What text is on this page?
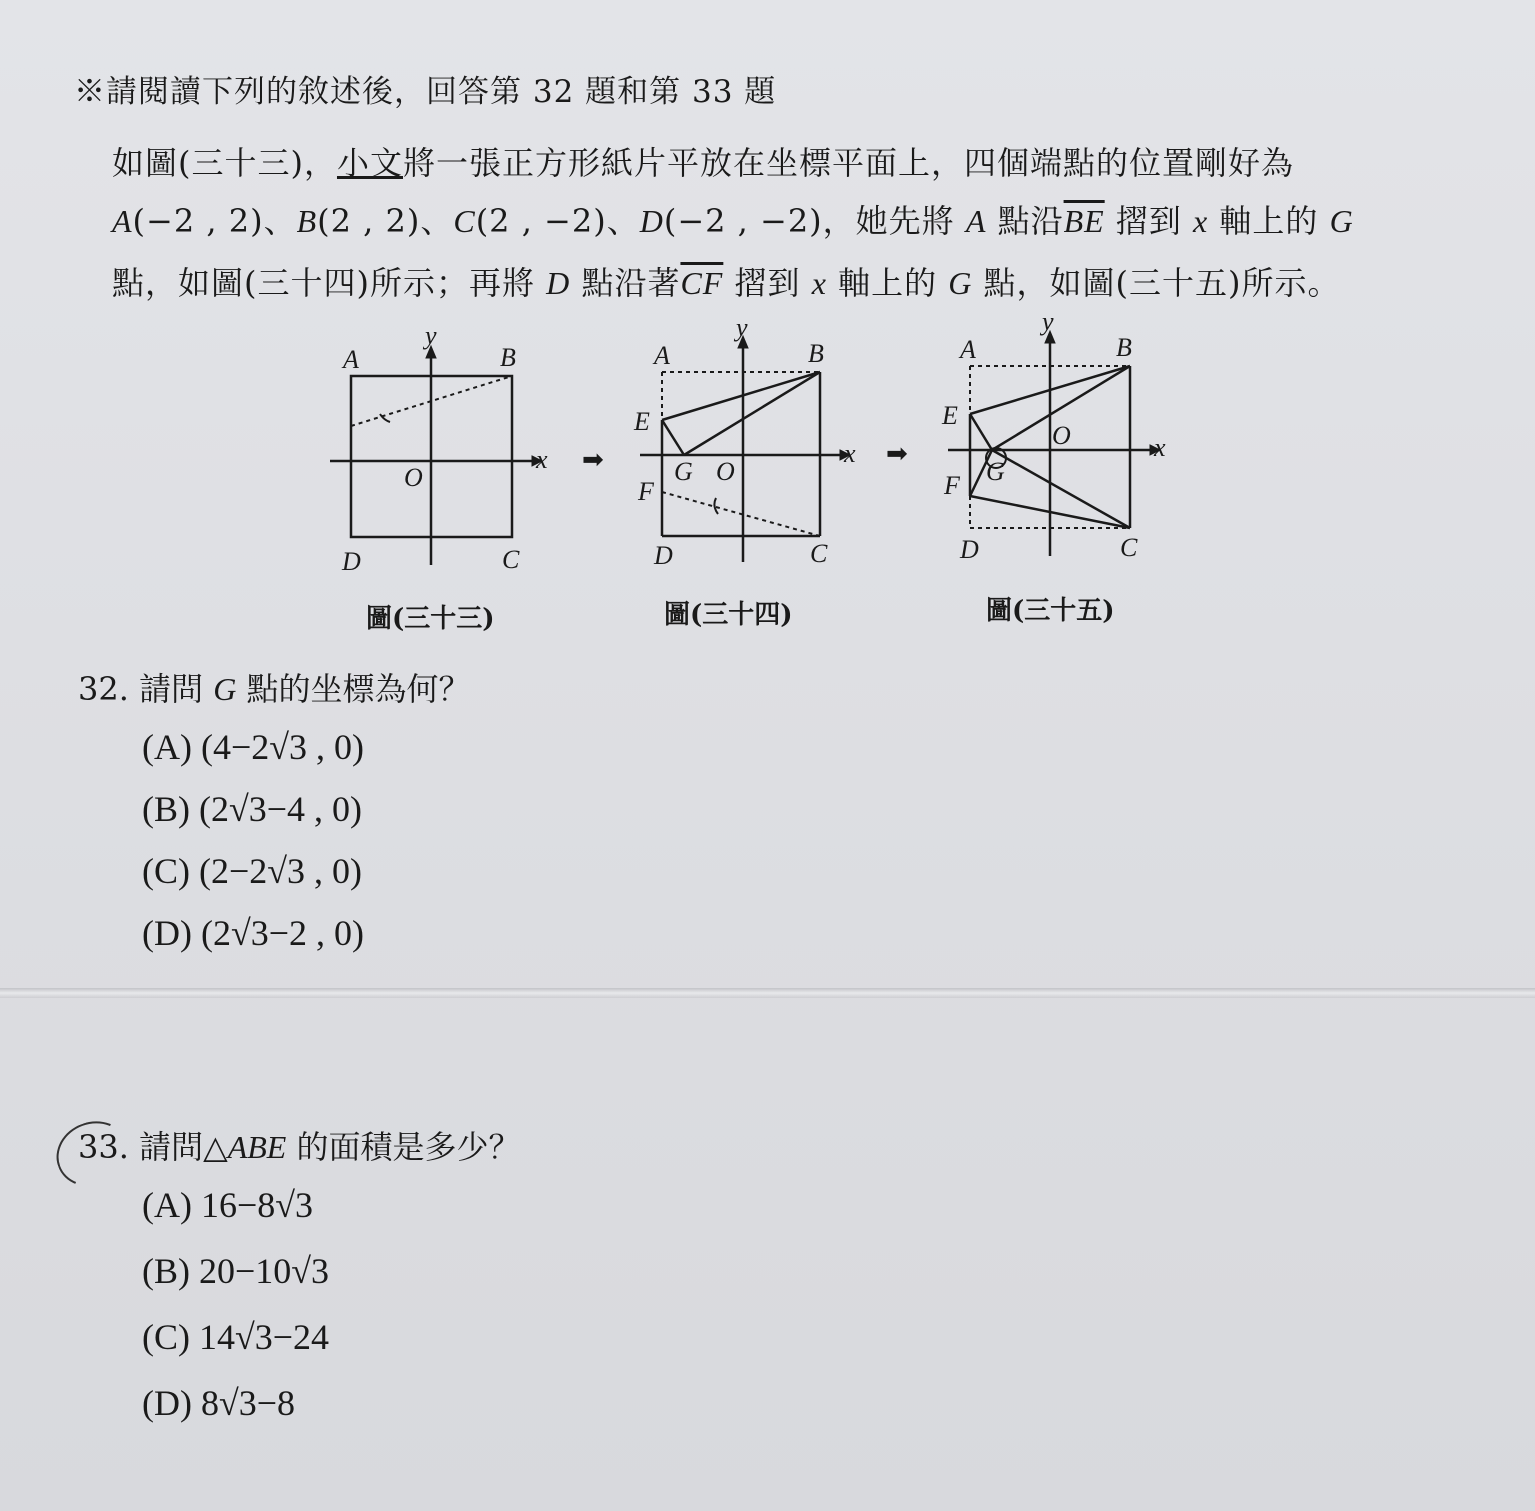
※請閱讀下列的敘述後，回答第 32 題和第 33 題
如圖(三十三)，小文將一張正方形紙片平放在坐標平面上，四個端點的位置剛好為
A(−2 , 2)、B(2 , 2)、C(2 , −2)、D(−2 , −2)，她先將 A 點沿$\overline{BE}$ 摺到 x 軸上的 G
點，如圖(三十四)所示；再將 D 點沿著$\overline{CF}$ 摺到 x 軸上的 G 點，如圖(三十五)所示。
A	B
C
D
O
x
y
➡
A	B
C
D
E
F
G O
x
y
➡
A	B
C
D
E
F G
O	x
y
圖(三十三)	圖(三十四)	圖(三十五)
32. 請問 G 點的坐標為何？
(A) (4−2√3 , 0)
(B) (2√3−4 , 0)
(C) (2−2√3 , 0)
(D) (2√3−2 , 0)
33. 請問△ABE 的面積是多少？
(A) 16−8√3
(B) 20−10√3
(C) 14√3−24
(D) 8√3−8
